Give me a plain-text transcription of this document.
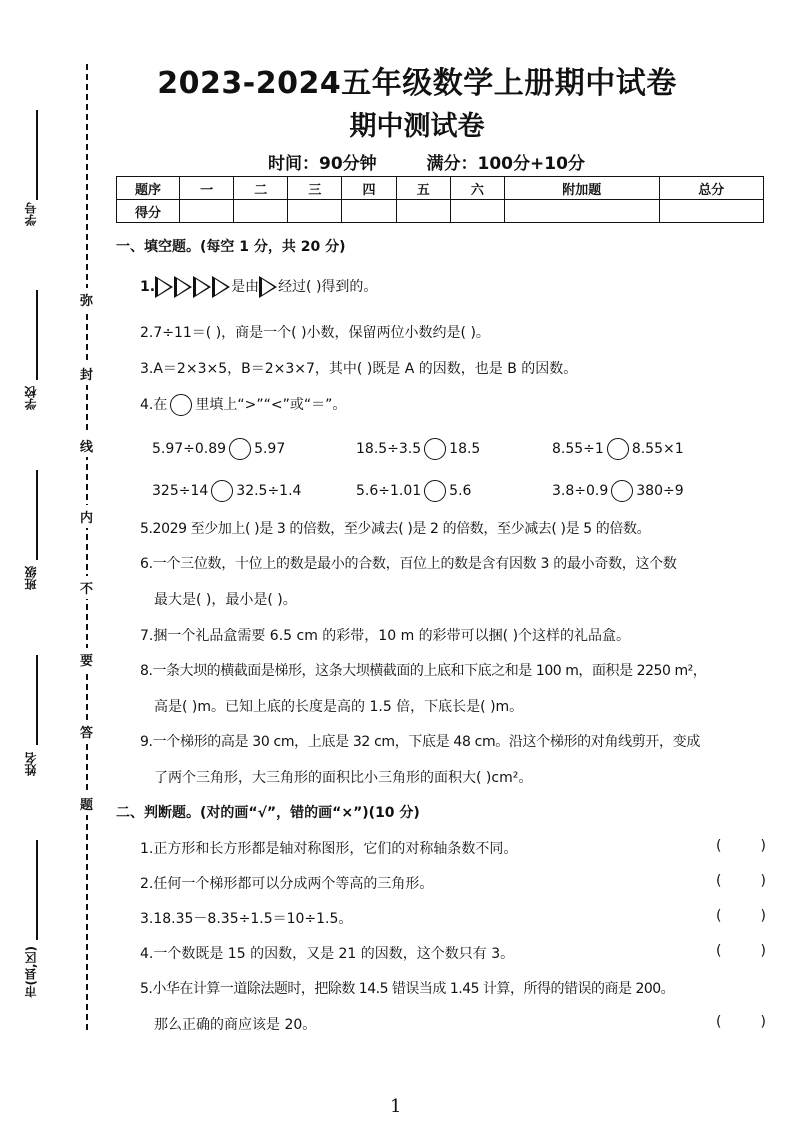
学号
学校
班级
姓名
市(县,区)
弥
封
线
内
不
要
答
题
2023-2024五年级数学上册期中试卷
期中测试卷
时间：90分钟	满分：100分+10分
题序	一	二	三	四	五	六	附加题	总分
得分								
一、填空题。(每空 1 分，共 20 分)
1.	是由 经过( )得到的。
2.7÷11＝( )，商是一个( )小数，保留两位小数约是( )。
3.A＝2×3×5，B＝2×3×7，其中( )既是 A 的因数，也是 B 的因数。
4.在 里填上“>”“<”或“＝”。
5.97÷0.89 5.97	18.5÷3.5 18.5	8.55÷1 8.55×1
325÷14 32.5÷1.4	5.6÷1.01 5.6	3.8÷0.9 380÷9
5.2029 至少加上( )是 3 的倍数，至少减去( )是 2 的倍数，至少减去( )是 5 的倍数。
6.一个三位数，十位上的数是最小的合数，百位上的数是含有因数 3 的最小奇数，这个数
最大是( )，最小是( )。
7.捆一个礼品盒需要 6.5 cm 的彩带，10 m 的彩带可以捆( )个这样的礼品盒。
8.一条大坝的横截面是梯形，这条大坝横截面的上底和下底之和是 100 m，面积是 2250 m²，
高是( )m。已知上底的长度是高的 1.5 倍，下底长是( )m。
9.一个梯形的高是 30 cm，上底是 32 cm，下底是 48 cm。沿这个梯形的对角线剪开，变成
了两个三角形，大三角形的面积比小三角形的面积大( )cm²。
二、判断题。(对的画“√”，错的画“×”)(10 分)
1.正方形和长方形都是轴对称图形，它们的对称轴条数不同。	(	)
2.任何一个梯形都可以分成两个等高的三角形。	(	)
3.18.35－8.35÷1.5＝10÷1.5。	(	)
4.一个数既是 15 的因数，又是 21 的因数，这个数只有 3。	(	)
5.小华在计算一道除法题时，把除数 14.5 错误当成 1.45 计算，所得的错误的商是 200。
那么正确的商应该是 20。	(	)
1
